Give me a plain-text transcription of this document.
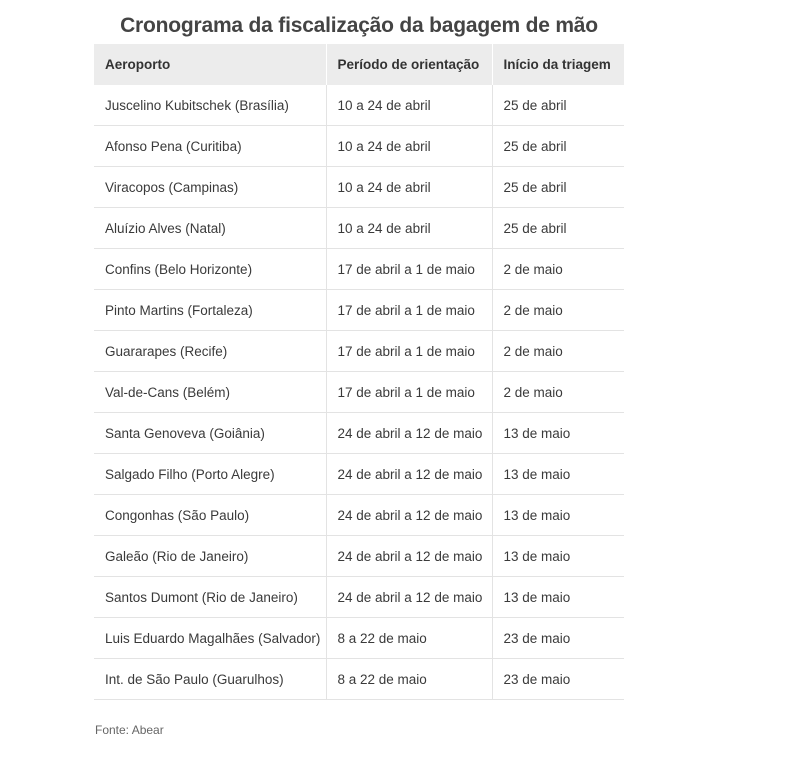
Cronograma da fiscalização da bagagem de mão
Aeroporto	Período de orientação	Início da triagem
Juscelino Kubitschek (Brasília)	10 a 24 de abril	25 de abril
Afonso Pena (Curitiba)	10 a 24 de abril	25 de abril
Viracopos (Campinas)	10 a 24 de abril	25 de abril
Aluízio Alves (Natal)	10 a 24 de abril	25 de abril
Confins (Belo Horizonte)	17 de abril a 1 de maio	2 de maio
Pinto Martins (Fortaleza)	17 de abril a 1 de maio	2 de maio
Guararapes (Recife)	17 de abril a 1 de maio	2 de maio
Val-de-Cans (Belém)	17 de abril a 1 de maio	2 de maio
Santa Genoveva (Goiânia)	24 de abril a 12 de maio	13 de maio
Salgado Filho (Porto Alegre)	24 de abril a 12 de maio	13 de maio
Congonhas (São Paulo)	24 de abril a 12 de maio	13 de maio
Galeão (Rio de Janeiro)	24 de abril a 12 de maio	13 de maio
Santos Dumont (Rio de Janeiro)	24 de abril a 12 de maio	13 de maio
Luis Eduardo Magalhães (Salvador)	8 a 22 de maio	23 de maio
Int. de São Paulo (Guarulhos)	8 a 22 de maio	23 de maio
Fonte: Abear
